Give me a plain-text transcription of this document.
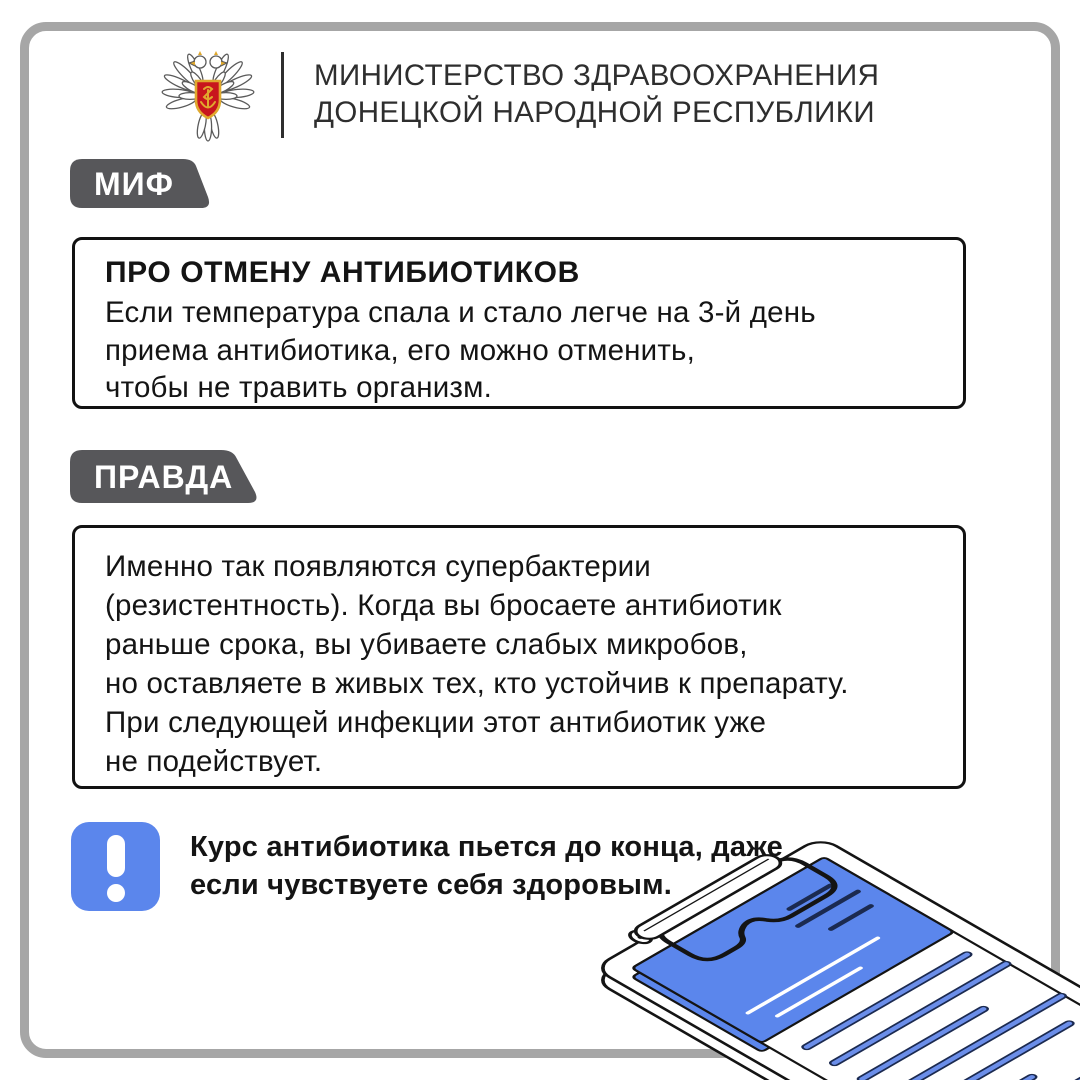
МИНИСТЕРСТВО ЗДРАВООХРАНЕНИЯ
ДОНЕЦКОЙ НАРОДНОЙ РЕСПУБЛИКИ
МИФ
ПРО ОТМЕНУ АНТИБИОТИКОВ
Если температура спала и стало легче на 3-й день
приема антибиотика, его можно отменить,
чтобы не травить организм.
ПРАВДА
Именно так появляются супербактерии
(резистентность). Когда вы бросаете антибиотик
раньше срока, вы убиваете слабых микробов,
но оставляете в живых тех, кто устойчив к препарату.
При следующей инфекции этот антибиотик уже
не подействует.
Курс антибиотика пьется до конца, даже
если чувствуете себя здоровым.
